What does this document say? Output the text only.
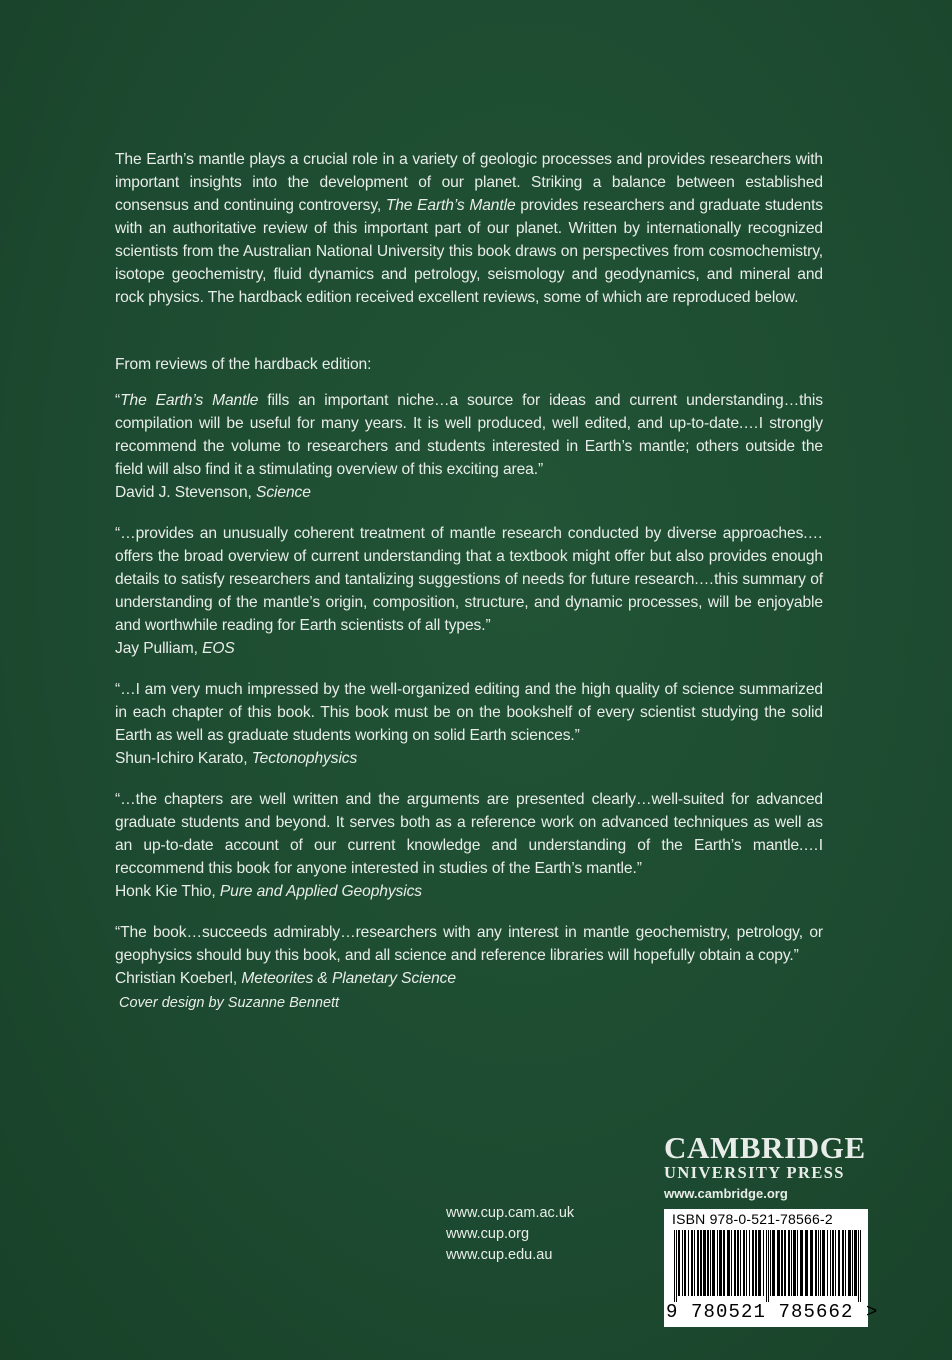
The Earth’s mantle plays a crucial role in a variety of geologic processes and provides researchers with important insights into the development of our planet. Striking a balance between established consensus and continuing controversy, The Earth’s Mantle provides researchers and graduate students with an authoritative review of this important part of our planet. Written by internationally recognized scientists from the Australian National University this book draws on perspectives from cosmochemistry, isotope geochemistry, fluid dynamics and petrology, seismology and geodynamics, and mineral and rock physics. The hardback edition received excellent reviews, some of which are reproduced below.

From reviews of the hardback edition:

“The Earth’s Mantle fills an important niche…a source for ideas and current understanding…this compilation will be useful for many years. It is well produced, well edited, and up-to-date.…I strongly recommend the volume to researchers and students interested in Earth’s mantle; others outside the field will also find it a stimulating overview of this exciting area.”

David J. Stevenson, Science

“…provides an unusually coherent treatment of mantle research conducted by diverse approaches.…offers the broad overview of current understanding that a textbook might offer but also provides enough details to satisfy researchers and tantalizing suggestions of needs for future research.…this summary of understanding of the mantle’s origin, composition, structure, and dynamic processes, will be enjoyable and worthwhile reading for Earth scientists of all types.”

Jay Pulliam, EOS

“…I am very much impressed by the well-organized editing and the high quality of science summarized in each chapter of this book. This book must be on the bookshelf of every scientist studying the solid Earth as well as graduate students working on solid Earth sciences.”

Shun-Ichiro Karato, Tectonophysics

“…the chapters are well written and the arguments are presented clearly…well-suited for advanced graduate students and beyond. It serves both as a reference work on advanced techniques as well as an up-to-date account of our current knowledge and understanding of the Earth’s mantle.…I reccommend this book for anyone interested in studies of the Earth’s mantle.”

Honk Kie Thio, Pure and Applied Geophysics

“The book…succeeds admirably…researchers with any interest in mantle geochemistry, petrology, or geophysics should buy this book, and all science and reference libraries will hopefully obtain a copy.”

Christian Koeberl, Meteorites & Planetary Science

Cover design by Suzanne Bennett
www.cup.cam.ac.uk
www.cup.org
www.cup.edu.au
CAMBRIDGE
UNIVERSITY PRESS
www.cambridge.org
ISBN 978-0-521-78566-2
9 780521 785662 >
